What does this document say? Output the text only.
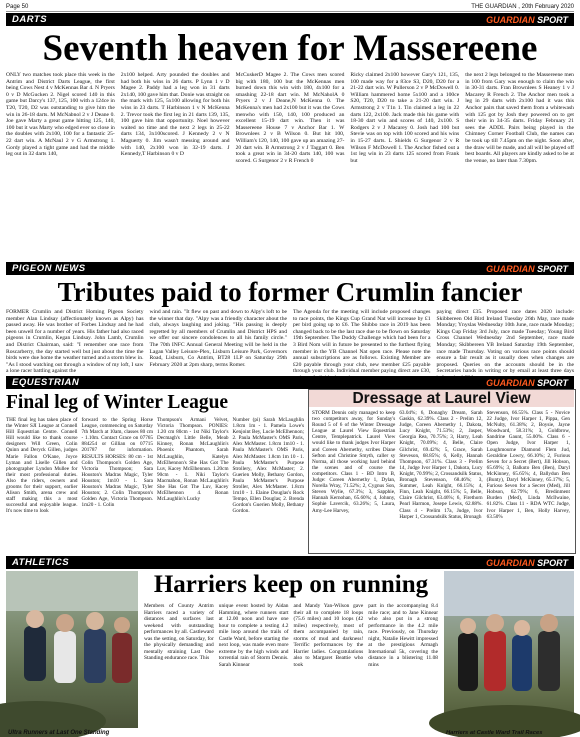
Page 50	THE GUARDIAN , 20th February 2020
DARTS	GUARDIAN SPORT
Seventh heaven for Massereene

ONLY two matches took place this week in the Antrim and District Darts League, the first being Cows Nest 4 v McKennas Bar 4. N Pryers 0 v D McGucken 2. Nigel scored 140 in this game but Darcy's 137, 125, 100 with a 124ce in T20, T20, D2 was outstanding to give him the win in 26-18 darts. M McNabnol 2 v J Deane 0. Joe gave Marty a great game hitting 125, 140, 100 but it was Marty who edged ever so close in the doubles with 2x100, 100 for a fantastic 25-22 dart win. A McNaul 2 v G Armstrong 1. Gordy played a tight game and had the middle leg out in 32 darts 140,

2x100 helped. Arty pounded the doubles and had both his wins in 26 darts. P Lynn 1 v D Magee 2. Paddy had a leg won in 31 darts 2x140, 100 gave him that. Donie was straight on the mark with 125, 5x100 allowing for both his wins in 23 darts. T Harbinson 1 v N McKenna 2. Trevor took the first leg in 21 darts 139, 135, 100 gave him that opportunity. Noel however waited no time and the next 2 legs in 25-22 darts 134, 3x100scored. J Kennedy 2 v N Maguerty 0. Jim wasn't messing around and with 140, 2x100 won in 32-19 darts. J Kennedy,T Harbinson 0 v D

McCuskerD Magee 2. The Cows men scored big with 180, 100 but the McKennas men burned down this win with 180, 4x100 for a smashing 22-18 dart win. M McNaholA 0 Pryers 2 v J Deane,N McKenna 0. The McKenna's men had 2x100 but it was the Cows menwho with 150, 140, 100 produced an excellent 15-19 dart win. Then it was Massereene House 7 v Anchor Bar 1. W Brownlees 2 v B Wilson 0. But hit 100, William's 120, 140, 100 gave up an amazing 27-20 dart win. B Armstrong 2 v J Taggart 0. Ben took a great win in 34-20 darts 140, 100 was scored. G Surgenor 2 v R French 0

Ricky claimed 2x100 however Gary's 121, 135, 100 made way for a 83ce S3, D20, D20 for a 21-22 dart win. W Pullerson 2 v P McDowell 0. William hammered home 5x100 and a 100ce S20, T20, D20 to take a 21-20 dart win. J Armstrong 2 v T1n 1. Tin claimed a leg in 22 darts 122, 2x100. Jack made this his game with 18-30 dart win and scores of 140, 2x100. S Rodgers 2 v J Macarey 0. Josh had 100 but Stevie was on top with 100 scored and his wins in 15-27 darts. L Shields G Surgenor 2 v R Wilson F McDowell 1. The Anchor fished out a 1st leg win in 23 darts 125 scored from Frank but

the next 2 legs belonged to the Massereene men in 100 from Gary was enough to claim the win in 30-31 darts. Fran Brownlees S Heaney 1 v J Macarey R French 2. The Anchor men took a leg in 29 darts with 2x100 had it was this Anchor pairs that saved them from a whitewash with 125 got by Josh they powered on to get their win in 34-35 darts. Friday February 21 sees the ADDL Pairs being played in the Chimney Corner Football Club, the names can be took up till 7.45pm on the night. Soon after, the draw will be made, and all will be played off best boards. All players are kindly asked to be at the venue, no later than 7.30pm.

PIGEON NEWS	GUARDIAN SPORT
Tributes paid to former Crumlin fancier

FORMER Crumlin and District Homing Pigeon Society member Alan Lindsay (affectionately known as Alpy) has passed away. He was brother of Forbes Lindsay and he had been unwell for a number of years. His father had also raced pigeons in Crumlin, Kegan Lindsay. John Lamb, Crumlin and District Chairman, said: "I remember one race from Roscarberry, the day started well but just about the time the birds were due home the weather turned and a storm blew in. "As I stood watching out through a window of my loft, I saw a lone racer battling against the

wind and rain. "It flew on past and down to Alpy's loft to be the winner that day. "Alpy was a friendly character about the club, always laughing and joking. "His passing is deeply regretted by all members of Crumlin and District HPS and we offer our sincere condolences to all his family circle." The 70th INFC Annual General Meeting will be held in the Lagan Valley Leisure-Plex, Lisburn Leisure Park, Governors Road, Lisburn, Co Antrim, BT28 1LP on Saturday 29th February 2020 at 2pm sharp, terms Romer.

The Agenda for the meeting will include proposed changes to race points, the Kings Cup Grand Nat will increase by £1 per bird going up to £6. The Shibbo race in 2019 has been changed back to be the last race due to be flown on Saturday 19th September. The Duddy Challenge which had been for a 3 Bird Nom will in future be presented to the furthest flying member in the YB Channel Nat open race. Please note the annual subscriptions are as follows. Existing Member are £20 payable through your club, new member £25 payable through your club. Individual member paying direct are £30,

paying direct £35. Proposed race dates 2020 include: Skibbereen Old Bird Ireland Tuesday 26th May, race made Monday; Ynyslas Wednesday 10th June, race made Monday; Kings Cup Friday 3rd July, race made Tuesday; Young Bird Cross Channel Wednesday 2nd September, race made Monday; Skibbereen YB Ireland Saturday 19th September, race made Thursday. Voting on various race points should ensure a fair result as it usually does when changes are proposed. Queries on the accounts should be in the Secretaries hands in writing or by email at least three days

EQUESTRIAN	GUARDIAN SPORT
Final leg of Winter League

THE final leg has taken place of the Winter SJI League at Connell Hill Equestrian Centre. Connell Hill would like to thank course designers Will Green, Colin Quinn and Deryck Gillen, judges Marie Fallon O'Kane, Joyce Lyman and Liselle Gillen and photographer Lyndon Mullee for their most professional duties. Also the riders, owners and grooms for their support, earlier Alison Smith, arena crew and staff making this a most successful and enjoyable league. It's now time to look

forward to the Spring Horse League, commencing on Saturday 7th March at 10am, classes 80 cm - 1.10m. Contact Grace on 07765 884254 or Gillian on 07715 201787 for information. RESULTS HORSES: 80 cm - 1st Colin Thompson's Golden Age, Victoria Thompson; Sara Houston's Madras Magic, Tyler Houston; 1m10 - 1. Sara Houston's Madras Magic, Tyler Houston; 2. Colin Thompson's Golden Age, Victoria Thompson. 1m20 - 1. Colin

Thompson's Armani Velvet, Victoria Thompson. PONIES: 1.20 cm 80cm - 1st Niki Taylor's Decmagh's Little Belle, Meab Kinney, Ronan McLaughlin's Phoenix Phantom, Sarah McLaughlin, Katelyn McElhennon's She Has Got The Luv, Kacey McElhennon. 1.20cm 90cm - 1. Niki Taylor's Macmahon, Ronan McLaughlin's She Has Got The Luv, Kacey McElhennon 4. Ronan McLaughlin's Lucky

Number (pi) Sarah McLaughlin 1.8cm 1m - 1. Pamela Lowe's Kenjoint Bey, Lucie McElhennon; 2. Paula McMaster's OMS Paris, Alex McMaster. 1.8cm 1m10 - 1. Paula McMaster's OMS Paris, Alex McMaster. 1.8cm 1m 10 - 1. Paula McMaster's Purpose Strollery, Alex McMaster; 2. Guerien Molly, Bethany Gordon, Paula McMaster's Purpose Stroller, Alex McMaster. 1.8cm 1m10 - 1. Elaine Douglas's Rock Tempo, Ellen Douglas; 2. Brenda Gordon's Guerien Molly, Bethany Gordon.

Dressage at Laurel View

STORM Dennis only managed to keep two competitors away, for Sunday's Round 5 of 6 of the Winter Dressage League at Laurel View Equestrian Centre, Templepatrick. Laurel View would like to thank judges Ivor Harper and Coreen Abernethy, scribes Diane Sefton and Christine Smyth, caller sy Norma, all those working hard behind the scenes and of course the competitors. Class 1 - BD Intro B, Judge: Coreen Abernethy 1, Dylan, Norella Wray, 71.52%; 2, Cygnus Son, Steven Wylie, 67.3%; 3, Sapphie, Hannah Kernohan, 65.60%; 4, Johnny, Sophie Lavercik, 63.26%; 5, Laura, Amy-Lee Harvey,

63.04%; 6, Donaghy Dream, Sarah Gaskin, 62.39%. Class 2 - Prelim 12, Judge, Coreen Abernethy 1, Dakota, Lucy Knight, 71.53%; 2, Jasper, Georgia Rea, 70.75%; 3, Harry, Leah Knight, 70.09%; 4, Belle, Claire Gilchrist, 69.42%; 5, Grace, Sarah Steveson, 68.85%; 6, Kelly, Hannah Thompson, 67.31%. Class 3 - Prelim 14, Judge Ivor Harper 1, Dakota, Lucy Knight, 70.99%; 2, Crossandsilk Status, Bronagh Stevenson, 68.46%; 3, Summer, Leah Knight, 66.15%; 4, Finn, Leah Knight, 66.15%; 5, Belle, Claire Gilchrist, 63.46%; 6, Firethorn Pearl Harmon, Josepe Lewis, 62.88%. Class 4 - Prelim 17a, Judge, Ivor Harper 1, Crossandsilk Status, Bronagh

Stevenson, 66.55%. Class 5 - Novice 22 Judge, Ivor Harper 1, Pippa, Gen McNulty, 61.38%; 2, Boysie, Jayne Woodward, 58.31%; 3, Goldbrow, Sandrine Gaunt, 55.00%. Class 6 - Open Judge, Ivor Harper 1, Loughmourne Diamond Flem Jud, Geraldine Lowry, 66.10%; 2, Furious Seven for a Secret (Bert), Jill Hobson, 65.69%; 3, Balkuto Ben (Ben), Daryl McKinney, 65.65%; 4, Ballydun Ben (Bunty), Daryl McKinney, 65.17%; 5, Furioso Seven for a Secret (Med), Jill Hobson, 62.79%; 6, Bredinment Burden (Med), Linda McIlwaine, 61.82%. Class 11 - RDA WTC Judge, Ivor Harper 1, Ben, Holly Harvey, 63.50%

ATHLETICS	GUARDIAN SPORT
Ultra Runners at Last One Standing	Harriers at Castle Ward Trail Races
Harriers keep on running

Members of County Antrim Harriers raced a variety of distances and surfaces last weekend with outstanding performances by all. Castleward was the setting, on Saturday, for the physically demanding and mentally straining Last One Standing endurance race. This

unique event hosted by Aidan Hamming, where runners start at 12.00 noon and have one hour to complete a testing 4.2 mile loop around the trails of Castle Ward, before starting the next loop, was made even more extreme by the high winds and torrential rain of Storm Dennis. Sarah Kinnear

and Mandy Yan-Wilson gave their all to complete 18 loops (75.6 miles) and 10 loops (42 miles) respectively, most of them accompanied by rain, storms of mud and darkness! Terrific performances by the Harrier ladies. Congratulations also to Margaret Beattie who took

part in the accompanying 8.4 mile race; and to Jane Kinnear who also put in a strong performance in the 4.2 mile race. Previously, on Thursday night, Natalie Hewitt impressed at the prestigious Armagh International 5k, covering the distance in a blistering 11.08 mins
